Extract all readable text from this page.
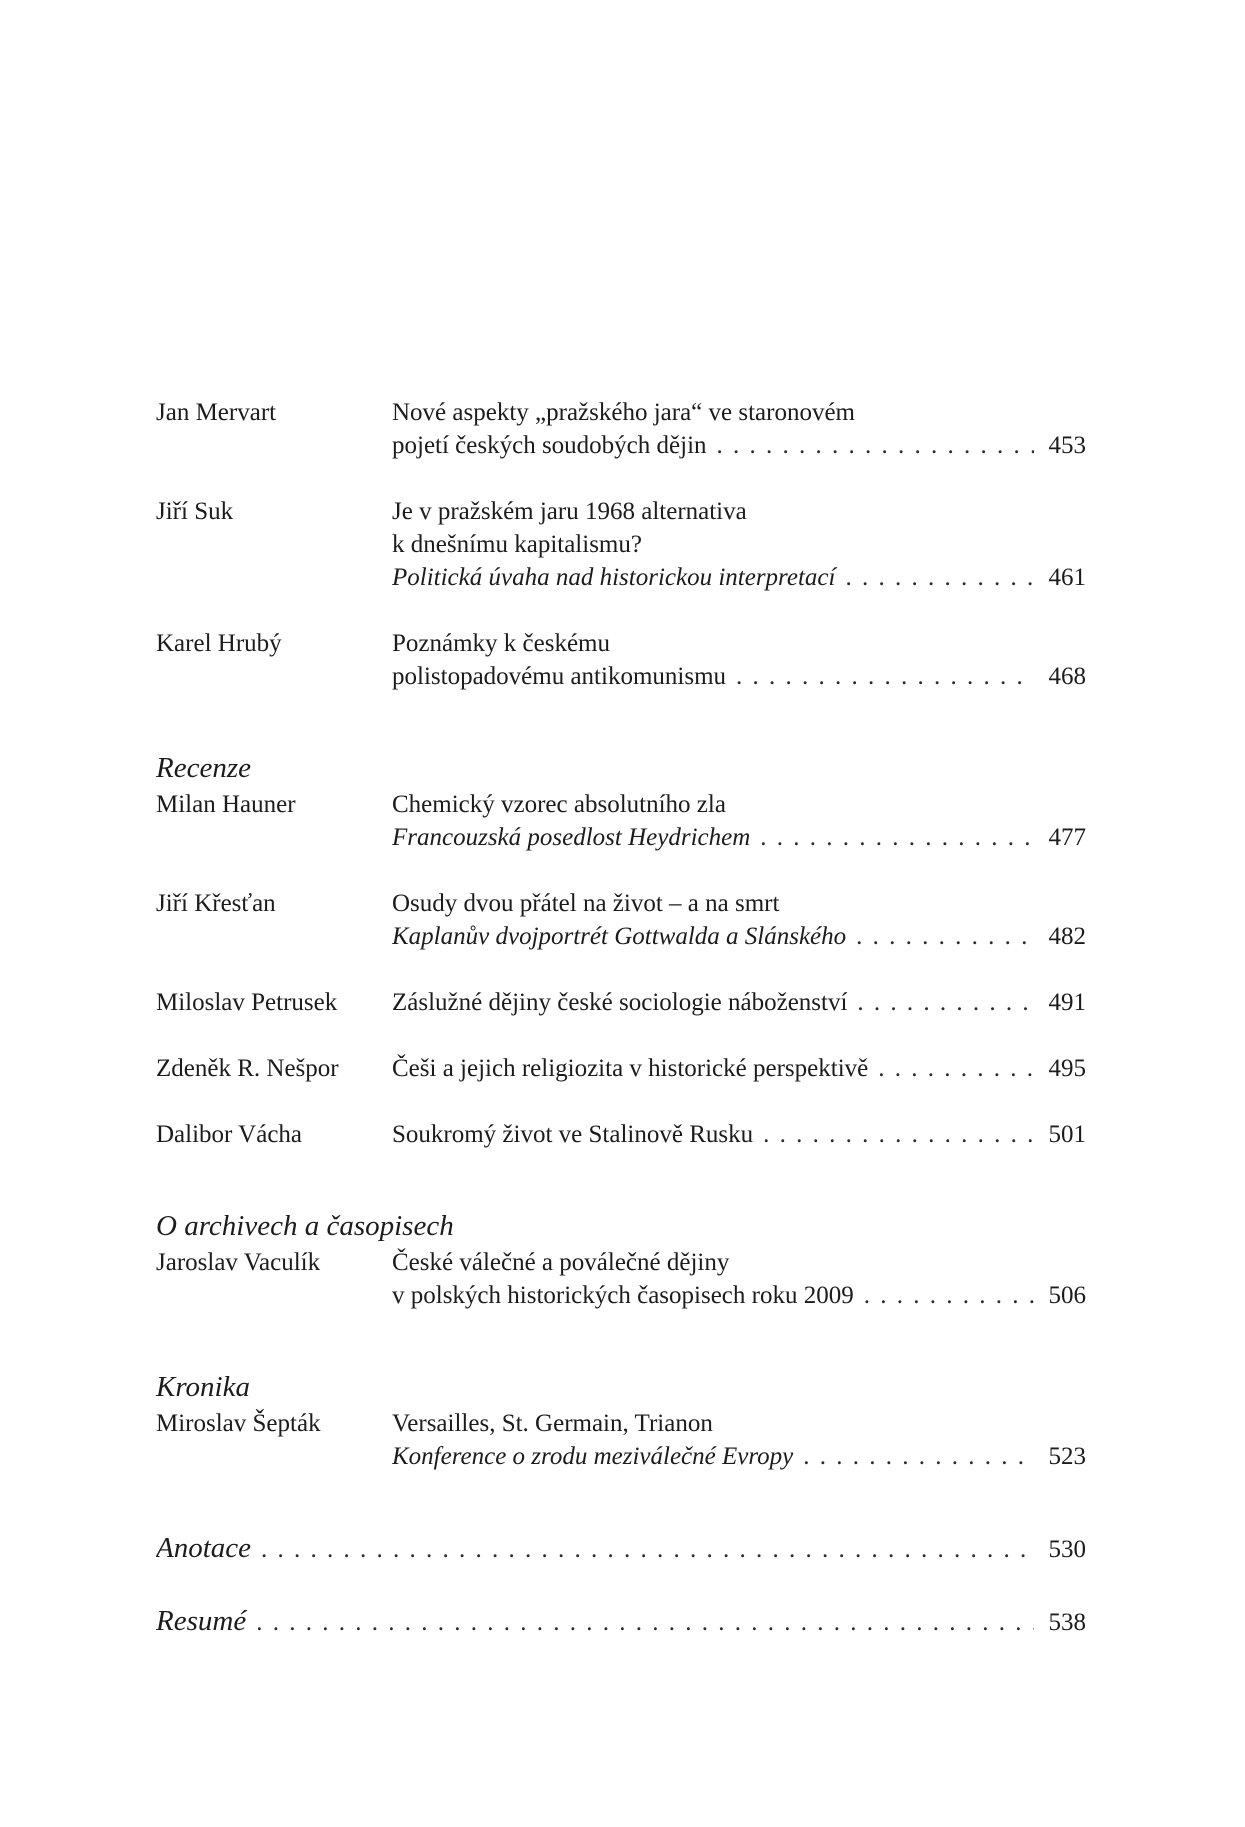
Jan Mervart	Nové aspekty „pražského jara“ ve staronovém
pojetí českých soudobých dějin . . .	453
Jiří Suk	Je v pražském jaru 1968 alternativa
k dnešnímu kapitalismu?
Politická úvaha nad historickou interpretací . . .	461
Karel Hrubý	Poznámky k českému
polistopadovému antikomunismu . . .	468
Recenze
Milan Hauner	Chemický vzorec absolutního zla
Francouzská posedlost Heydrichem . . .	477
Jiří Křesťan	Osudy dvou přátel na život – a na smrt
Kaplanův dvojportrét Gottwalda a Slánského . . .	482
Miloslav Petrusek	Záslužné dějiny české sociologie náboženství . . .	491
Zdeněk R. Nešpor	Češi a jejich religiozita v historické perspektivě . . .	495
Dalibor Vácha	Soukromý život ve Stalinově Rusku . . .	501
O archivech a časopisech
Jaroslav Vaculík	České válečné a poválečné dějiny
v polských historických časopisech roku 2009 . . .	506
Kronika
Miroslav Šepták	Versailles, St. Germain, Trianon
Konference o zrodu meziválečné Evropy . . .	523
Anotace . . .	530
Resumé . . .	538
